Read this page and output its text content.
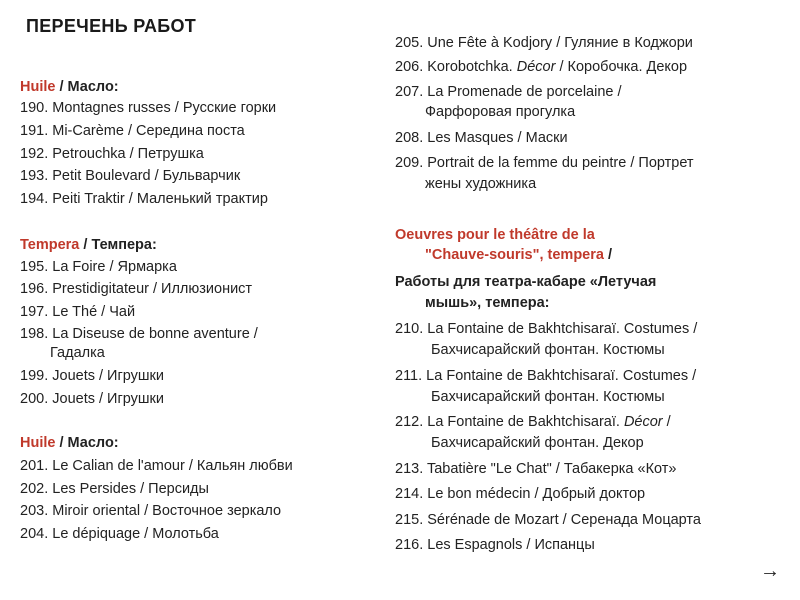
ПЕРЕЧЕНЬ РАБОТ
Huile / Масло:
190. Montagnes russes / Русские горки
191. Mi-Carème / Середина поста
192. Petrouchka / Петрушка
193. Petit Boulevard / Бульварчик
194. Peiti Traktir / Маленький трактир
Tempera / Темпера:
195. La Foire / Ярмарка
196. Prestidigitateur / Иллюзионист
197. Le Thé / Чай
198. La Diseuse de bonne aventure /
Гадалка
199. Jouets / Игрушки
200. Jouets / Игрушки
Huile / Масло:
201. Le Calian de l'amour / Кальян любви
202. Les Persides / Персиды
203. Miroir oriental / Восточное зеркало
204. Le dépiquage / Молотьба
205. Une Fête à Kodjory / Гуляние в Коджори
206. Korobotchka. Décor / Коробочка. Декор
207. La Promenade de porcelaine /
Фарфоровая прогулка
208. Les Masques / Маски
209. Portrait de la femme du peintre / Портрет
жены художника
Oeuvres pour le théâtre de la
"Chauve-souris", tempera /
Работы для театра-кабаре «Летучая
мышь», темпера:
210. La Fontaine de Bakhtchisaraï. Costumes /
Бахчисарайский фонтан. Костюмы
211. La Fontaine de Bakhtchisaraï. Costumes /
Бахчисарайский фонтан. Костюмы
212. La Fontaine de Bakhtchisaraï. Décor /
Бахчисарайский фонтан. Декор
213. Tabatière "Le Chat" / Табакерка «Кот»
214. Le bon médecin / Добрый доктор
215. Sérénade de Mozart / Серенада Моцарта
216. Les Espagnols / Испанцы
→
